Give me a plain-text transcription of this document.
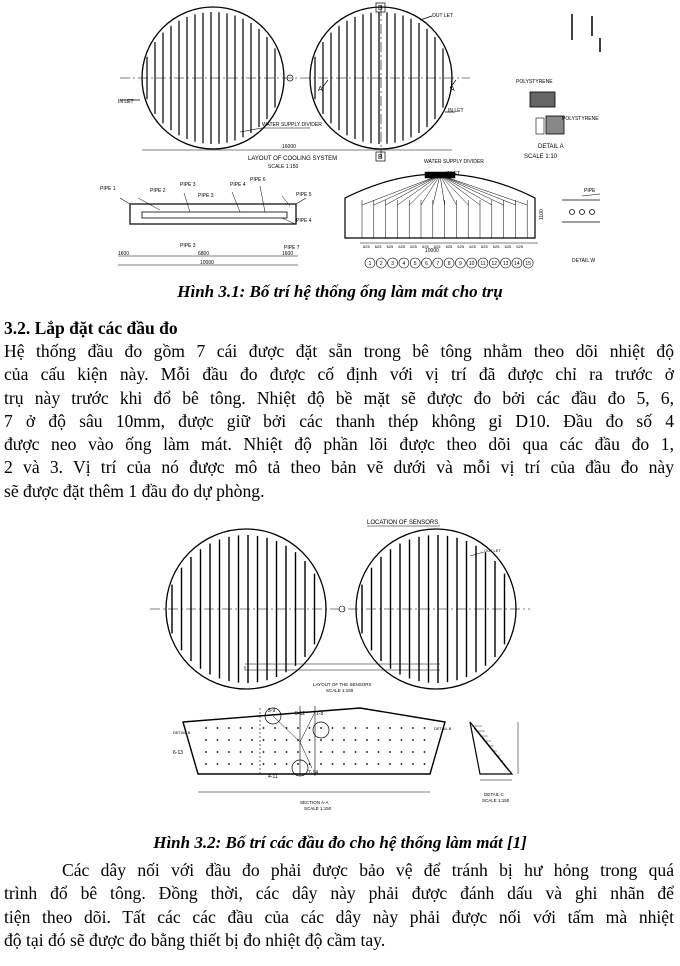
A	A
B
B
IN LET
IN LET
OUT LET
WATER SUPPLY DIVIDER
16000
LAYOUT OF COOLING SYSTEM
SCALE 1:150
POLYSTYRENE
POLYSTYRENE
DETAIL A
SCALE 1:10
PIPE 1	PIPE 2
PIPE 3
PIPE 3
PIPE 4
PIPE 6
PIPE 5
PIPE 4
PIPE 3	PIPE 7
1600	6800	1600
10000
WATER SUPPLY DIVIDER
INLET
1100
625 625 625 625 625 625 625 625 625 625 625 625 625 625
10000
1 2 3 4 5 6 7 8 9 10 11 12 13 14 15
PIPE
DETAIL W
Hình 3.1: Bố trí hệ thống ống làm mát cho trụ
3.2. Lắp đặt các đầu đo
Hệ thống đầu đo gồm 7 cái được đặt sẵn trong bê tông nhằm theo dõi nhiệt độ
của cấu kiện này. Mỗi đầu đo được cố định với vị trí đã được chỉ ra trước ở
trụ này trước khi đổ bê tông. Nhiệt độ bề mặt sẽ được đo bởi các đầu đo 5, 6,
7 ở độ sâu 10mm, được giữ bởi các thanh thép không gỉ D10. Đầu đo số 4
được neo vào ống làm mát. Nhiệt độ phần lõi được theo dõi qua các đầu đo 1,
2 và 3. Vị trí của nó được mô tả theo bản vẽ dưới và mỗi vị trí của đầu đo này
sẽ được đặt thêm 1 đầu đo dự phòng.
LOCATION OF SENSORS
OUT LET
LAYOUT OF THE SENSORS
SCALE 1:150
3-9	5-12 1-8
6-13
4-11
7-14
DETAIL B
DETAIL B
SECTION A-A
SCALE 1:150
DETAIL C
SCALE 1:150
Hình 3.2: Bố trí các đầu đo cho hệ thống làm mát [1]
Các dây nối với đầu đo phải được bảo vệ để tránh bị hư hỏng trong quá
trình đổ bê tông. Đồng thời, các dây này phải được đánh dấu và ghi nhãn để
tiện theo dõi. Tất các các đầu của các dây này phải được nối với tấm mà nhiệt
độ tại đó sẽ được đo bằng thiết bị đo nhiệt độ cầm tay.
